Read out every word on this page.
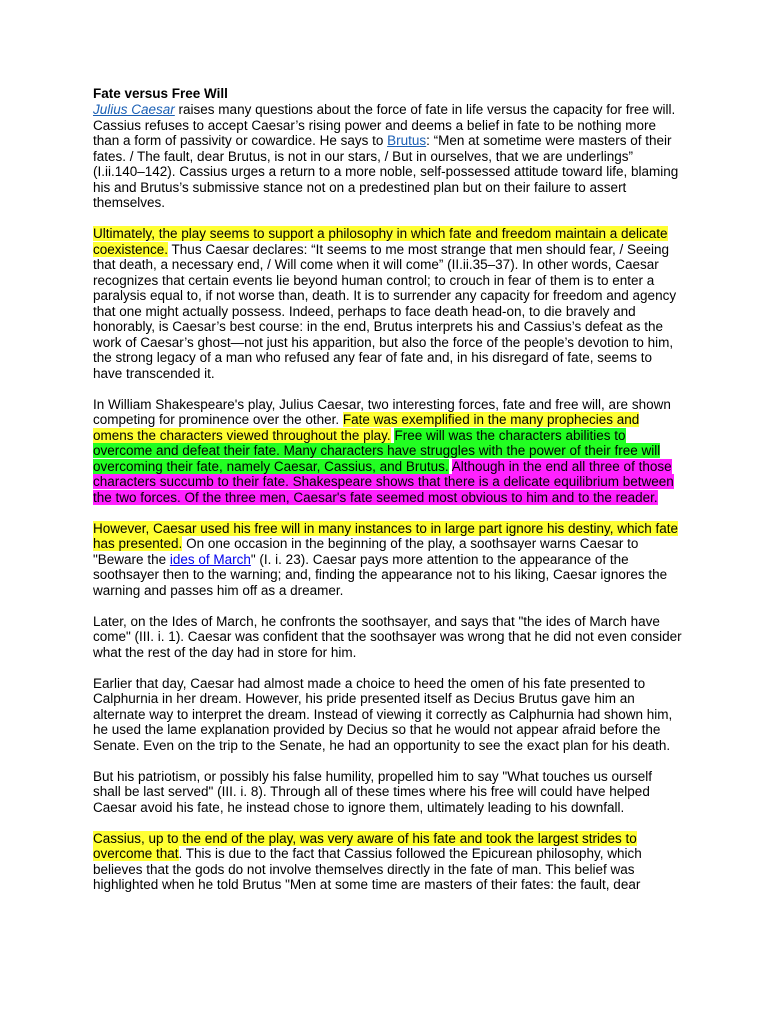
Fate versus Free Will

Julius Caesar raises many questions about the force of fate in life versus the capacity for free will. Cassius refuses to accept Caesar’s rising power and deems a belief in fate to be nothing more than a form of passivity or cowardice. He says to Brutus: “Men at sometime were masters of their fates. / The fault, dear Brutus, is not in our stars, / But in ourselves, that we are underlings” (I.ii.140–142). Cassius urges a return to a more noble, self-possessed attitude toward life, blaming his and Brutus’s submissive stance not on a predestined plan but on their failure to assert themselves.

Ultimately, the play seems to support a philosophy in which fate and freedom maintain a delicate coexistence. Thus Caesar declares: “It seems to me most strange that men should fear, / Seeing that death, a necessary end, / Will come when it will come” (II.ii.35–37). In other words, Caesar recognizes that certain events lie beyond human control; to crouch in fear of them is to enter a paralysis equal to, if not worse than, death. It is to surrender any capacity for freedom and agency that one might actually possess. Indeed, perhaps to face death head-on, to die bravely and honorably, is Caesar’s best course: in the end, Brutus interprets his and Cassius’s defeat as the work of Caesar’s ghost—not just his apparition, but also the force of the people’s devotion to him, the strong legacy of a man who refused any fear of fate and, in his disregard of fate, seems to have transcended it.

In William Shakespeare's play, Julius Caesar, two interesting forces, fate and free will, are shown competing for prominence over the other. Fate was exemplified in the many prophecies and omens the characters viewed throughout the play. Free will was the characters abilities to overcome and defeat their fate. Many characters have struggles with the power of their free will overcoming their fate, namely Caesar, Cassius, and Brutus. Although in the end all three of those characters succumb to their fate. Shakespeare shows that there is a delicate equilibrium between the two forces. Of the three men, Caesar's fate seemed most obvious to him and to the reader.

However, Caesar used his free will in many instances to in large part ignore his destiny, which fate has presented. On one occasion in the beginning of the play, a soothsayer warns Caesar to "Beware the ides of March" (I. i. 23). Caesar pays more attention to the appearance of the soothsayer then to the warning; and, finding the appearance not to his liking, Caesar ignores the warning and passes him off as a dreamer.

Later, on the Ides of March, he confronts the soothsayer, and says that "the ides of March have come" (III. i. 1). Caesar was confident that the soothsayer was wrong that he did not even consider what the rest of the day had in store for him.

Earlier that day, Caesar had almost made a choice to heed the omen of his fate presented to Calphurnia in her dream. However, his pride presented itself as Decius Brutus gave him an alternate way to interpret the dream. Instead of viewing it correctly as Calphurnia had shown him, he used the lame explanation provided by Decius so that he would not appear afraid before the Senate. Even on the trip to the Senate, he had an opportunity to see the exact plan for his death.

But his patriotism, or possibly his false humility, propelled him to say "What touches us ourself shall be last served" (III. i. 8). Through all of these times where his free will could have helped Caesar avoid his fate, he instead chose to ignore them, ultimately leading to his downfall.

Cassius, up to the end of the play, was very aware of his fate and took the largest strides to overcome that. This is due to the fact that Cassius followed the Epicurean philosophy, which believes that the gods do not involve themselves directly in the fate of man. This belief was highlighted when he told Brutus "Men at some time are masters of their fates: the fault, dear
